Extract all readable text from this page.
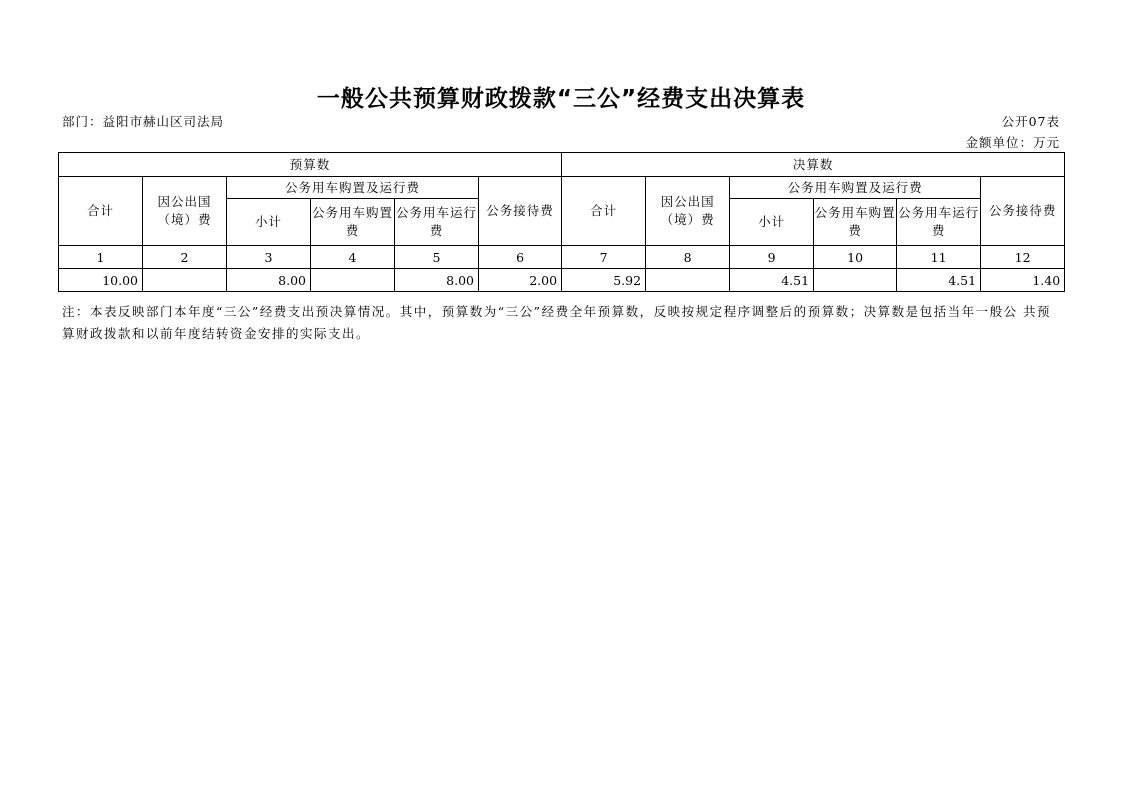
一般公共预算财政拨款“三公”经费支出决算表
部门：益阳市赫山区司法局	公开07表
金额单位：万元
预算数						决算数					
合计	因公出国（境）费	公务用车购置及运行费			公务接待费	合计	因公出国（境）费	公务用车购置及运行费			公务接待费
		小计	公务用车购置费	公务用车运行费				小计	公务用车购置费	公务用车运行费	
1	2	3	4	5	6	7	8	9	10	11	12
10.00		8.00		8.00	2.00	5.92		4.51		4.51	1.40
注：本表反映部门本年度“三公”经费支出预决算情况。其中，预算数为“三公”经费全年预算数，反映按规定程序调整后的预算数；决算数是包括当年一般公 共预算财政拨款和以前年度结转资金安排的实际支出。
